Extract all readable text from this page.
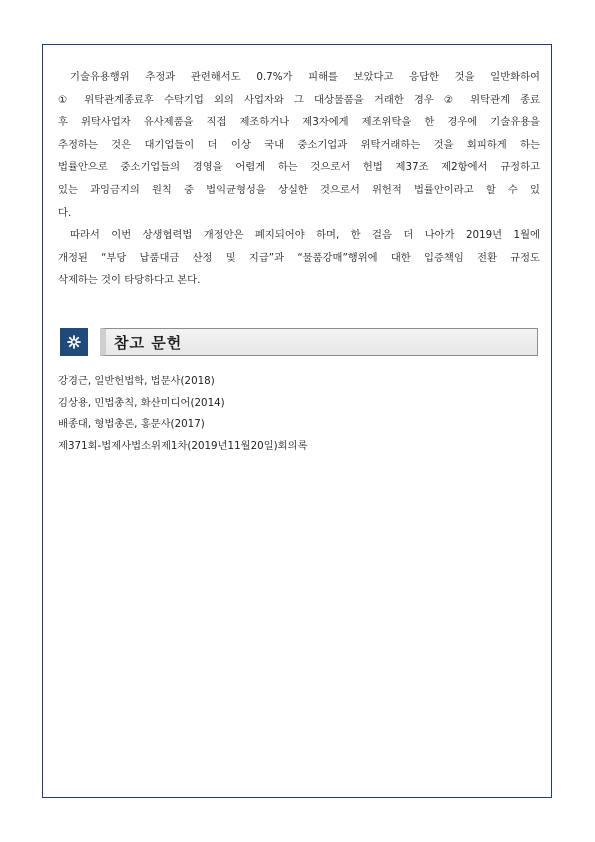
기술유용행위 추정과 관련해서도 0.7%가 피해를 보았다고 응답한 것을 일반화하여
① 위탁관계종료후 수탁기업 외의 사업자와 그 대상물품을 거래한 경우 ② 위탁관계 종료
후 위탁사업자 유사제품을 직접 제조하거나 제3자에게 제조위탁을 한 경우에 기술유용을
추정하는 것은 대기업들이 더 이상 국내 중소기업과 위탁거래하는 것을 회피하게 하는
법률안으로 중소기업들의 경영을 어렵게 하는 것으로서 헌법 제37조 제2항에서 규정하고
있는 과잉금지의 원칙 중 법익균형성을 상실한 것으로서 위헌적 법률안이라고 할 수 있
다.
따라서 이번 상생협력법 개정안은 폐지되어야 하며, 한 걸음 더 나아가 2019년 1월에
개정된 “부당 납품대금 산정 및 지급”과 “물품강매”행위에 대한 입증책임 전환 규정도
삭제하는 것이 타당하다고 본다.
참고 문헌
강경근, 일반헌법학, 법문사(2018)
김상용, 민법총칙, 화산미디어(2014)
배종대, 형법총론, 홍문사(2017)
제371회-법제사법소위제1차(2019년11월20일)회의록
